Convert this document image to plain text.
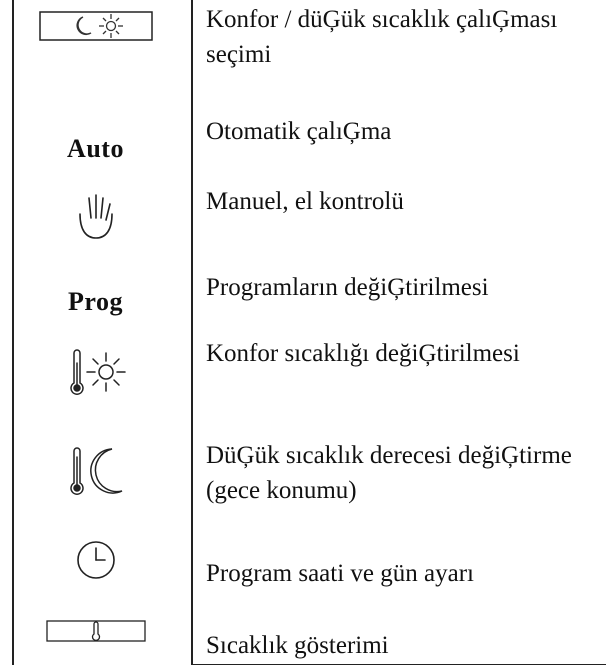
Konfor / düĢük sıcaklık çalıĢması seçimi
Auto
Otomatik çalıĢma
Manuel, el kontrolü
Prog	Programların değiĢtirilmesi
Konfor sıcaklığı değiĢtirilmesi
DüĢük sıcaklık derecesi değiĢtirme (gece konumu)
Program saati ve gün ayarı
Sıcaklık gösterimi
